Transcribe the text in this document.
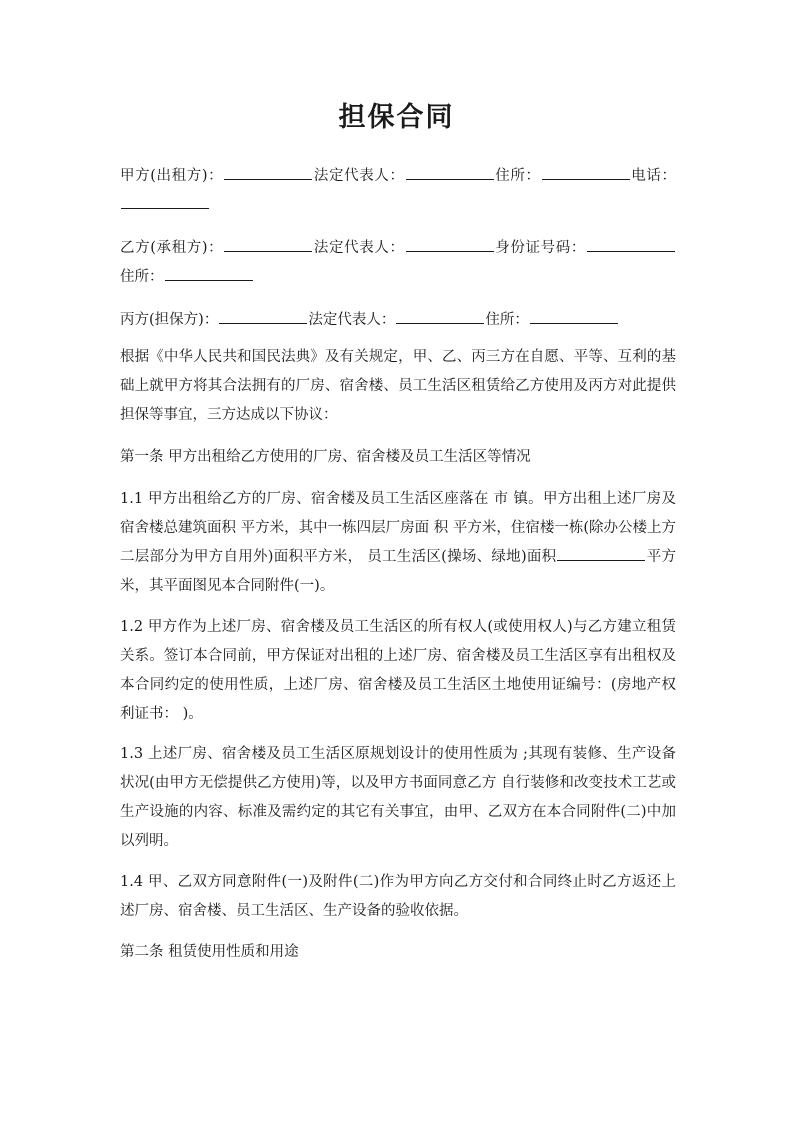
担保合同
甲方(出租方)：	法定代表人：	住所：	电话：
乙方(承租方)：	法定代表人：	身份证号码：住所：
丙方(担保方)：	法定代表人：	住所：
根据《中华人民共和国民法典》及有关规定，甲、乙、丙三方在自愿、平等、互利的基础上就甲方将其合法拥有的厂房、宿舍楼、员工生活区租赁给乙方使用及丙方对此提供担保等事宜，三方达成以下协议：
第一条 甲方出租给乙方使用的厂房、宿舍楼及员工生活区等情况
1.1 甲方出租给乙方的厂房、宿舍楼及员工生活区座落在 市 镇。甲方出租上述厂房及宿舍楼总建筑面积 平方米，其中一栋四层厂房面 积 平方米，住宿楼一栋(除办公楼上方二层部分为甲方自用外)面积平方米， 员工生活区(操场、绿地)面积	平方米，其平面图见本合同附件(一)。
1.2 甲方作为上述厂房、宿舍楼及员工生活区的所有权人(或使用权人)与乙方建立租赁关系。签订本合同前，甲方保证对出租的上述厂房、宿舍楼及员工生活区享有出租权及本合同约定的使用性质，上述厂房、宿舍楼及员工生活区土地使用证编号：(房地产权利证书： )。
1.3 上述厂房、宿舍楼及员工生活区原规划设计的使用性质为 ;其现有装修、生产设备状况(由甲方无偿提供乙方使用)等，以及甲方书面同意乙方 自行装修和改变技术工艺或生产设施的内容、标准及需约定的其它有关事宜，由甲、乙双方在本合同附件(二)中加以列明。
1.4 甲、乙双方同意附件(一)及附件(二)作为甲方向乙方交付和合同终止时乙方返还上述厂房、宿舍楼、员工生活区、生产设备的验收依据。
第二条 租赁使用性质和用途
